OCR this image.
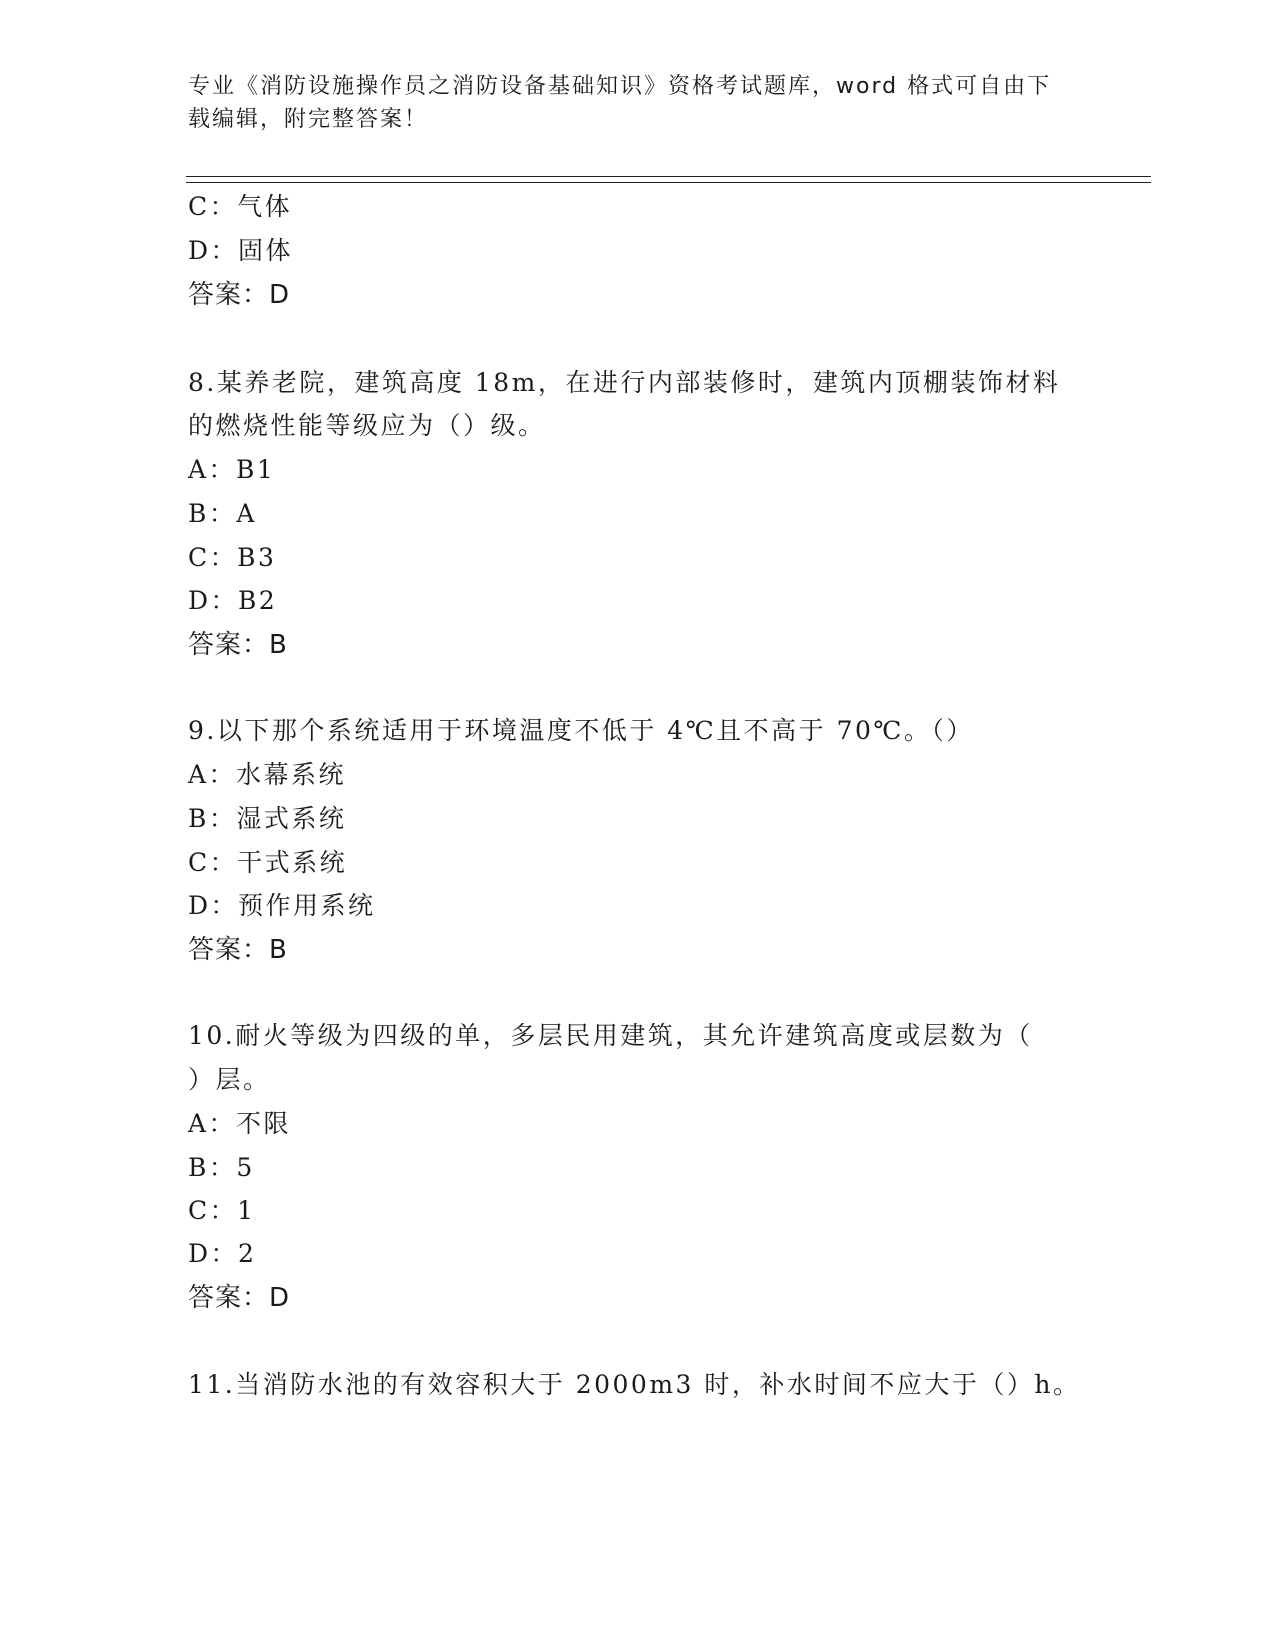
专业《消防设施操作员之消防设备基础知识》资格考试题库，word 格式可自由下
载编辑，附完整答案！
C：气体
D：固体
答案：D
8.某养老院，建筑高度 18m，在进行内部装修时，建筑内顶棚装饰材料
的燃烧性能等级应为（）级。
A：B1
B：A
C：B3
D：B2
答案：B
9.以下那个系统适用于环境温度不低于 4℃且不高于 70℃。（）
A：水幕系统
B：湿式系统
C：干式系统
D：预作用系统
答案：B
10.耐火等级为四级的单，多层民用建筑，其允许建筑高度或层数为（
）层。
A：不限
B：5
C：1
D：2
答案：D
11.当消防水池的有效容积大于 2000m3 时，补水时间不应大于（）h。
